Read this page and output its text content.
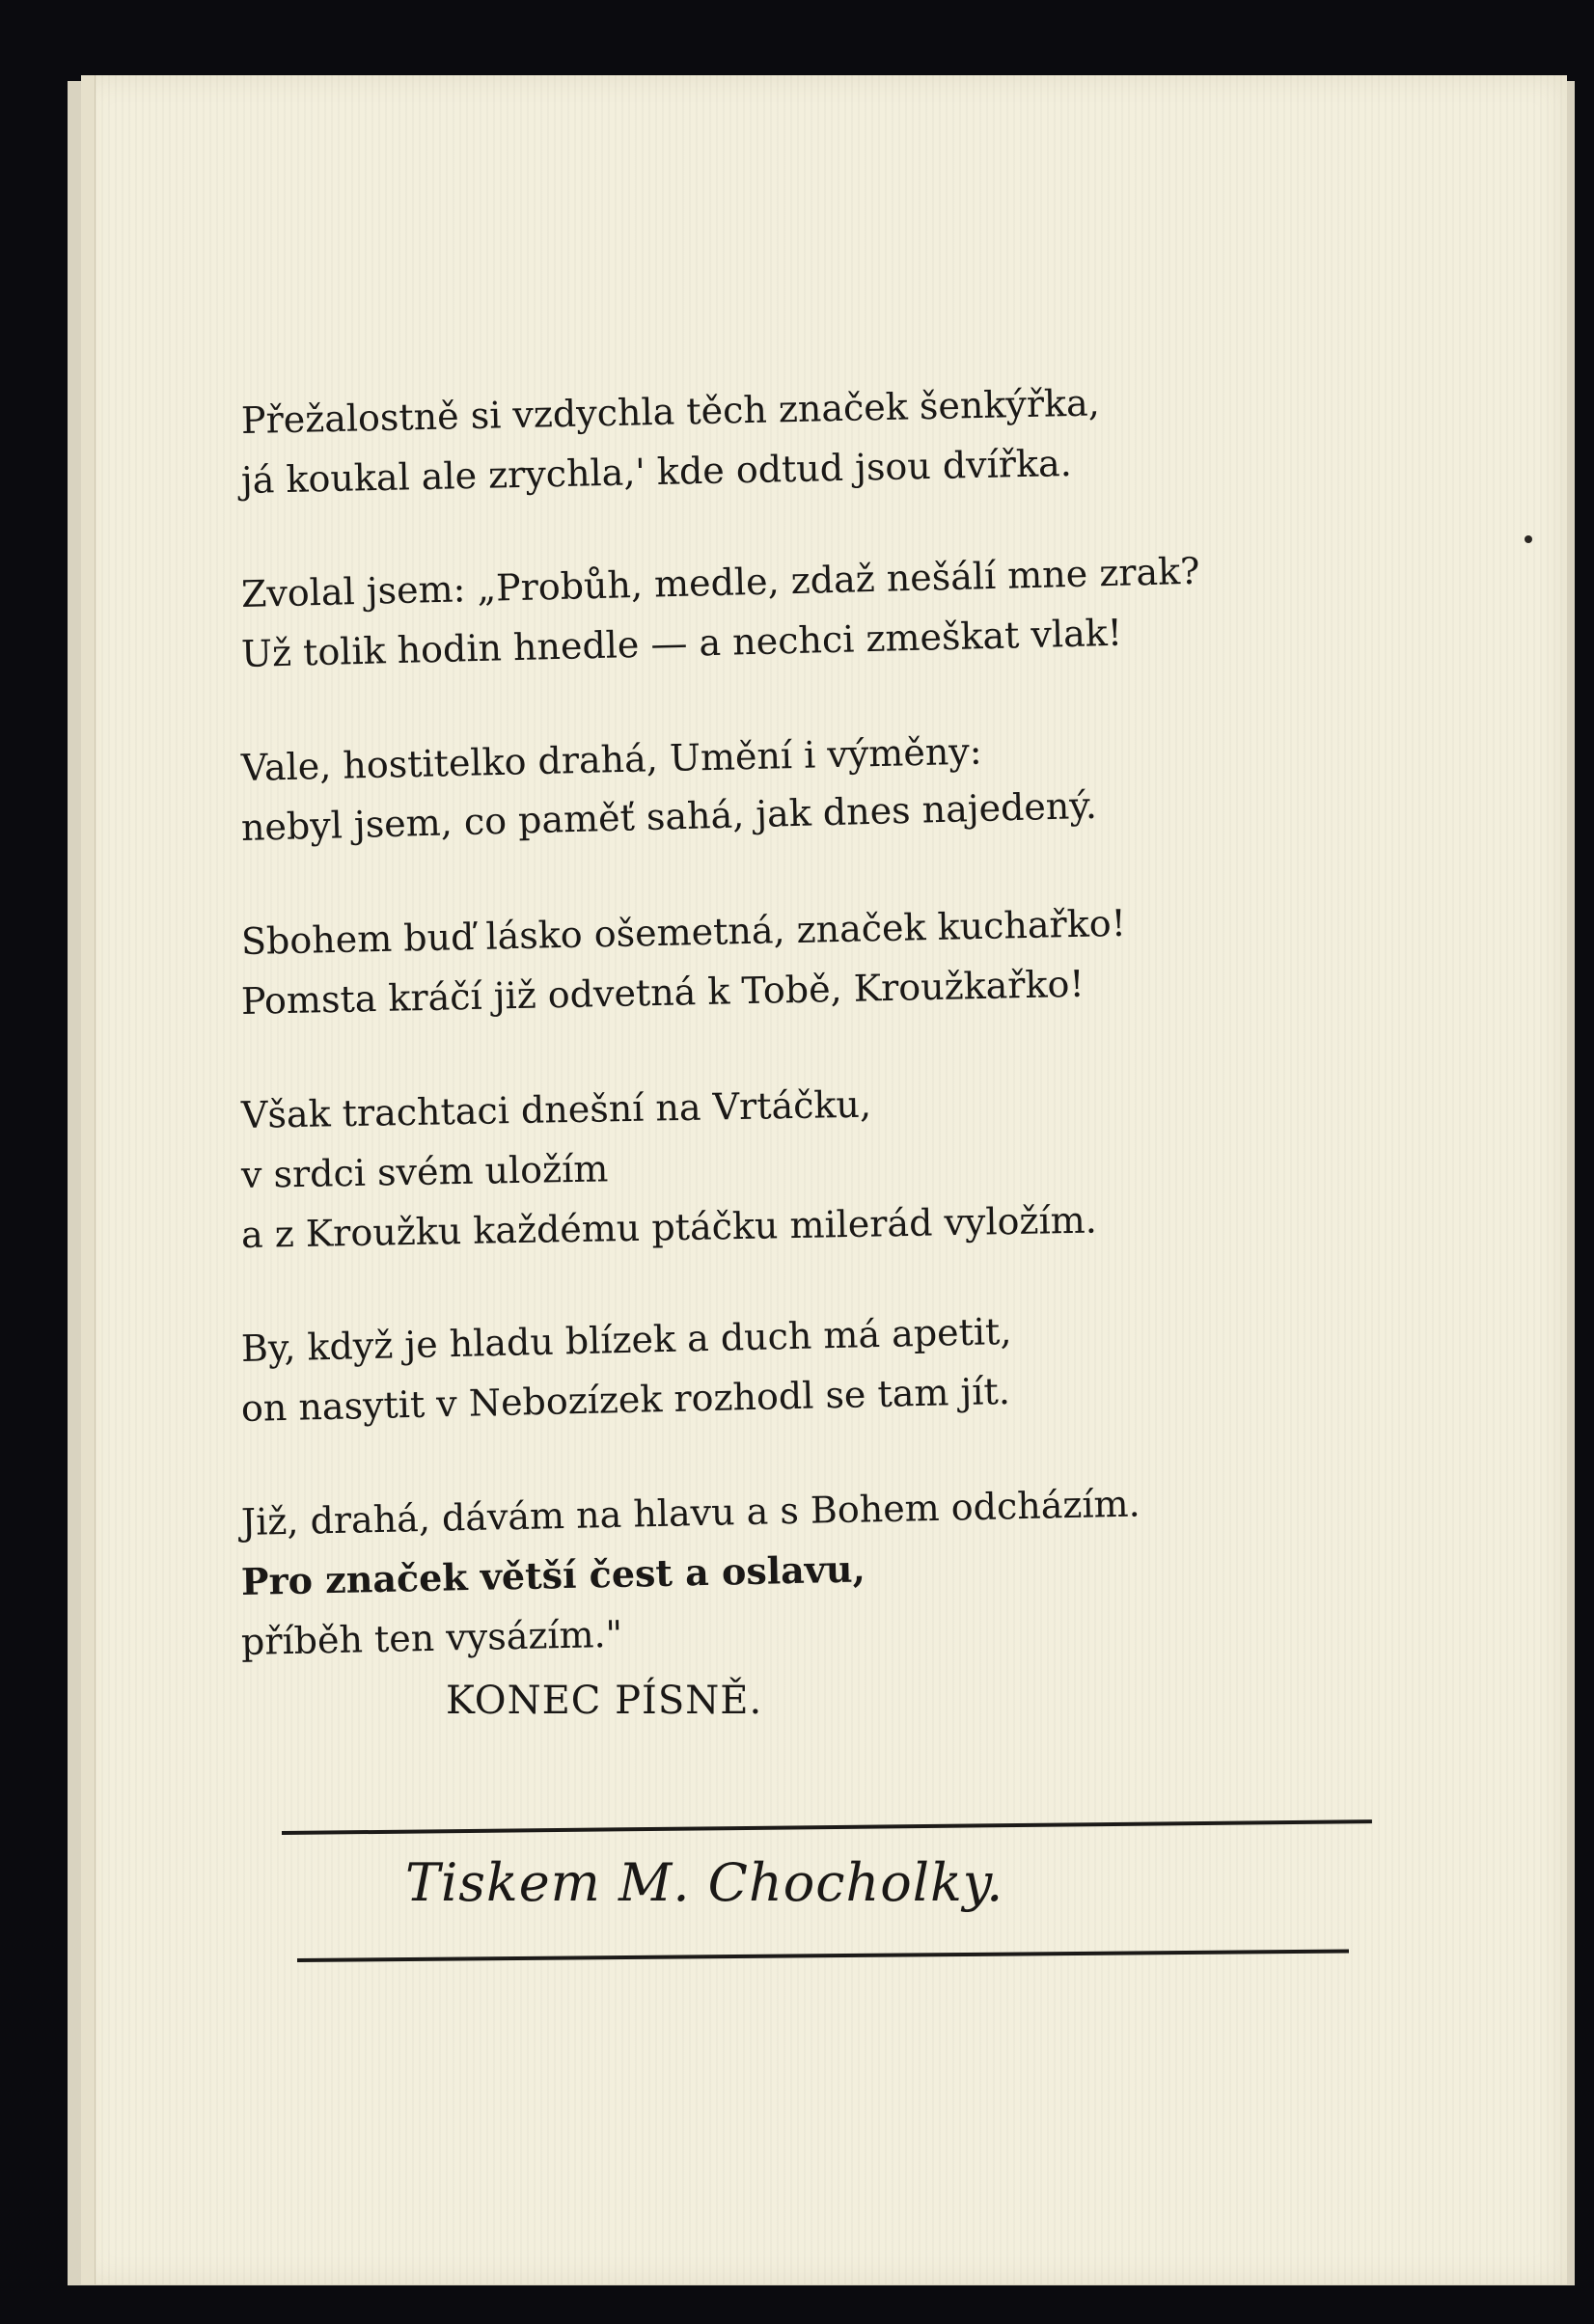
Přežalostně si vzdychla těch značek šenkýřka,
já koukal ale zrychla,' kde odtud jsou dvířka.
Zvolal jsem: „Probůh, medle, zdaž nešálí mne zrak?
Už tolik hodin hnedle — a nechci zmeškat vlak!
Vale, hostitelko drahá, Umění i výměny:
nebyl jsem, co paměť sahá, jak dnes najedený.
Sbohem buď lásko ošemetná, značek kuchařko!
Pomsta kráčí již odvetná k Tobě, Kroužkařko!
Však trachtaci dnešní na Vrtáčku,
v srdci svém uložím
a z Kroužku každému ptáčku milerád vyložím.
By, když je hladu blízek a duch má apetit,
on nasytit v Nebozízek rozhodl se tam jít.
Již, drahá, dávám na hlavu a s Bohem odcházím.
Pro značek větší čest a oslavu,
příběh ten vysázím."
KONEC PÍSNĚ.
Tiskem M. Chocholky.
